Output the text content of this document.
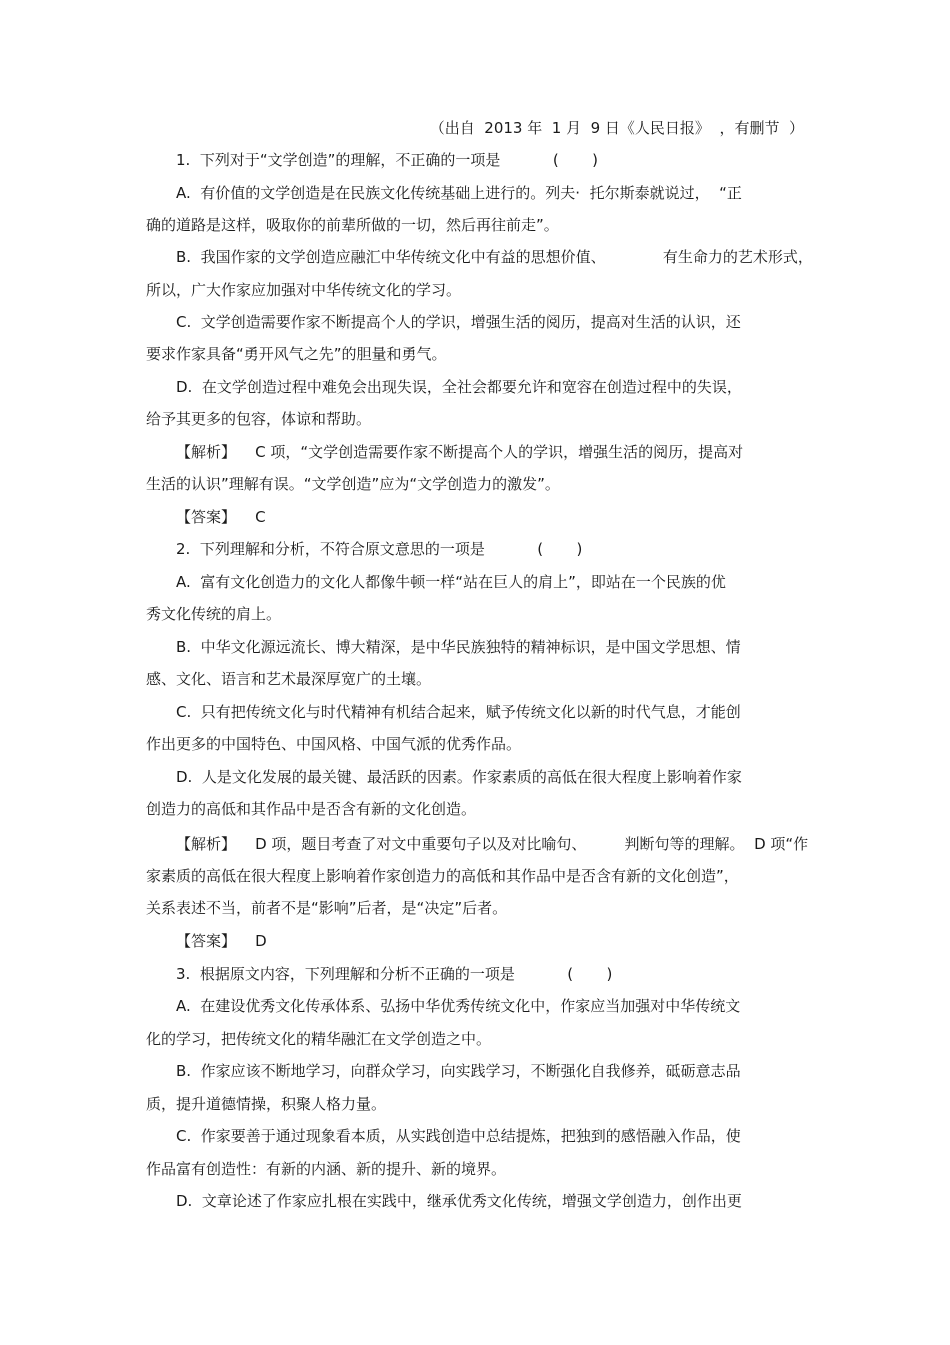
（出自  2013 年  1 月  9 日《人民日报》  ，有删节  ）
1.  下列对于“文学创造”的理解，不正确的一项是           (       )
A.  有价值的文学创造是在民族文化传统基础上进行的。列夫·  托尔斯泰就说过，  “正
确的道路是这样，吸取你的前辈所做的一切，然后再往前走”。
B.  我国作家的文学创造应融汇中华传统文化中有益的思想价值、            有生命力的艺术形式，
所以，广大作家应加强对中华传统文化的学习。
C.  文学创造需要作家不断提高个人的学识，增强生活的阅历，提高对生活的认识，还
要求作家具备“勇开风气之先”的胆量和勇气。
D.  在文学创造过程中难免会出现失误，全社会都要允许和宽容在创造过程中的失误，
给予其更多的包容，体谅和帮助。
【解析】    C 项，“文学创造需要作家不断提高个人的学识，增强生活的阅历，提高对
生活的认识”理解有误。“文学创造”应为“文学创造力的激发”。
【答案】    C
2.  下列理解和分析，不符合原文意思的一项是           (       )
A.  富有文化创造力的文化人都像牛顿一样“站在巨人的肩上”，即站在一个民族的优
秀文化传统的肩上。
B.  中华文化源远流长、博大精深，是中华民族独特的精神标识，是中国文学思想、情
感、文化、语言和艺术最深厚宽广的土壤。
C.  只有把传统文化与时代精神有机结合起来，赋予传统文化以新的时代气息，才能创
作出更多的中国特色、中国风格、中国气派的优秀作品。
D.  人是文化发展的最关键、最活跃的因素。作家素质的高低在很大程度上影响着作家
创造力的高低和其作品中是否含有新的文化创造。
【解析】    D 项，题目考查了对文中重要句子以及对比喻句、        判断句等的理解。  D 项“作
家素质的高低在很大程度上影响着作家创造力的高低和其作品中是否含有新的文化创造”，
关系表述不当，前者不是“影响”后者，是“决定”后者。
【答案】    D
3.  根据原文内容，下列理解和分析不正确的一项是           (       )
A.  在建设优秀文化传承体系、弘扬中华优秀传统文化中，作家应当加强对中华传统文
化的学习，把传统文化的精华融汇在文学创造之中。
B.  作家应该不断地学习，向群众学习，向实践学习，不断强化自我修养，砥砺意志品
质，提升道德情操，积聚人格力量。
C.  作家要善于通过现象看本质，从实践创造中总结提炼，把独到的感悟融入作品，使
作品富有创造性：有新的内涵、新的提升、新的境界。
D.  文章论述了作家应扎根在实践中，继承优秀文化传统，增强文学创造力，创作出更
